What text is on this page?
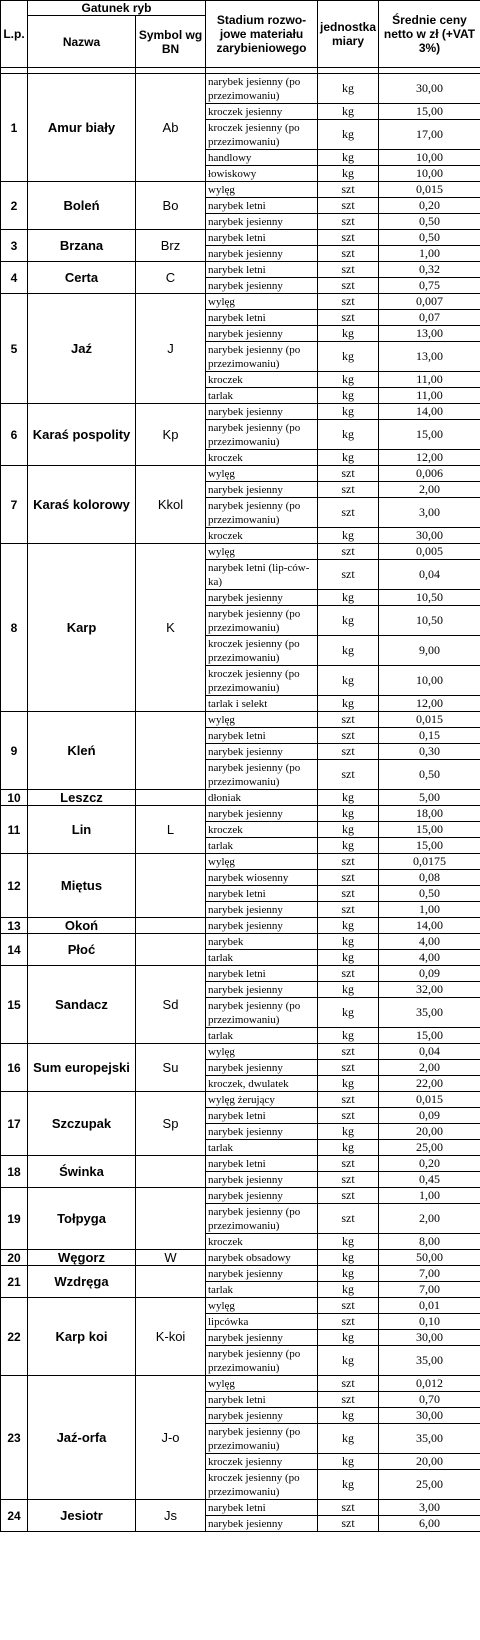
L.p.	Gatunek ryb		Stadium rozwo-jowe materiału zarybieniowego	jednostka miary	Średnie ceny netto w zł (+VAT 3%)
	Nazwa	Symbol wg BN			

1	Amur biały	Ab	narybek jesienny (po przezimowaniu)	kg	30,00
			kroczek jesienny	kg	15,00
			kroczek jesienny (po przezimowaniu)	kg	17,00
			handlowy	kg	10,00
			łowiskowy	kg	10,00
2	Boleń	Bo	wylęg	szt	0,015
			narybek letni	szt	0,20
			narybek jesienny	szt	0,50
3	Brzana	Brz	narybek letni	szt	0,50
			narybek jesienny	szt	1,00
4	Certa	C	narybek letni	szt	0,32
			narybek jesienny	szt	0,75
5	Jaź	J	wylęg	szt	0,007
			narybek letni	szt	0,07
			narybek jesienny	kg	13,00
			narybek jesienny (po przezimowaniu)	kg	13,00
			kroczek	kg	11,00
			tarlak	kg	11,00
6	Karaś pospolity	Kp	narybek jesienny	kg	14,00
			narybek jesienny (po przezimowaniu)	kg	15,00
			kroczek	kg	12,00
7	Karaś kolorowy	Kkol	wylęg	szt	0,006
			narybek jesienny	szt	2,00
			narybek jesienny (po przezimowaniu)	szt	3,00
			kroczek	kg	30,00
8	Karp	K	wylęg	szt	0,005
			narybek letni (lip-cówka)	szt	0,04
			narybek jesienny	kg	10,50
			narybek jesienny (po przezimowaniu)	kg	10,50
			kroczek jesienny (po przezimowaniu)	kg	9,00
			kroczek jesienny (po przezimowaniu)	kg	10,00
			tarlak i selekt	kg	12,00
9	Kleń		wylęg	szt	0,015
			narybek letni	szt	0,15
			narybek jesienny	szt	0,30
			narybek jesienny (po przezimowaniu)	szt	0,50
10	Leszcz		dłoniak	kg	5,00
11	Lin	L	narybek jesienny	kg	18,00
			kroczek	kg	15,00
			tarlak	kg	15,00
12	Miętus		wylęg	szt	0,0175
			narybek wiosenny	szt	0,08
			narybek letni	szt	0,50
			narybek jesienny	szt	1,00
13	Okoń		narybek jesienny	kg	14,00
14	Płoć		narybek	kg	4,00
			tarlak	kg	4,00
15	Sandacz	Sd	narybek letni	szt	0,09
			narybek jesienny	kg	32,00
			narybek jesienny (po przezimowaniu)	kg	35,00
			tarlak	kg	15,00
16	Sum europejski	Su	wylęg	szt	0,04
			narybek jesienny	szt	2,00
			kroczek, dwulatek	kg	22,00
17	Szczupak	Sp	wylęg żerujący	szt	0,015
			narybek letni	szt	0,09
			narybek jesienny	kg	20,00
			tarlak	kg	25,00
18	Świnka		narybek letni	szt	0,20
			narybek jesienny	szt	0,45
19	Tołpyga		narybek jesienny	szt	1,00
			narybek jesienny (po przezimowaniu)	szt	2,00
			kroczek	kg	8,00
20	Węgorz	W	narybek obsadowy	kg	50,00
21	Wzdręga		narybek jesienny	kg	7,00
			tarlak	kg	7,00
22	Karp koi	K-koi	wylęg	szt	0,01
			lipcówka	szt	0,10
			narybek jesienny	kg	30,00
			narybek jesienny (po przezimowaniu)	kg	35,00
23	Jaź-orfa	J-o	wylęg	szt	0,012
			narybek letni	szt	0,70
			narybek jesienny	kg	30,00
			narybek jesienny (po przezimowaniu)	kg	35,00
			kroczek jesienny	kg	20,00
			kroczek jesienny (po przezimowaniu)	kg	25,00
24	Jesiotr	Js	narybek letni	szt	3,00
			narybek jesienny	szt	6,00
